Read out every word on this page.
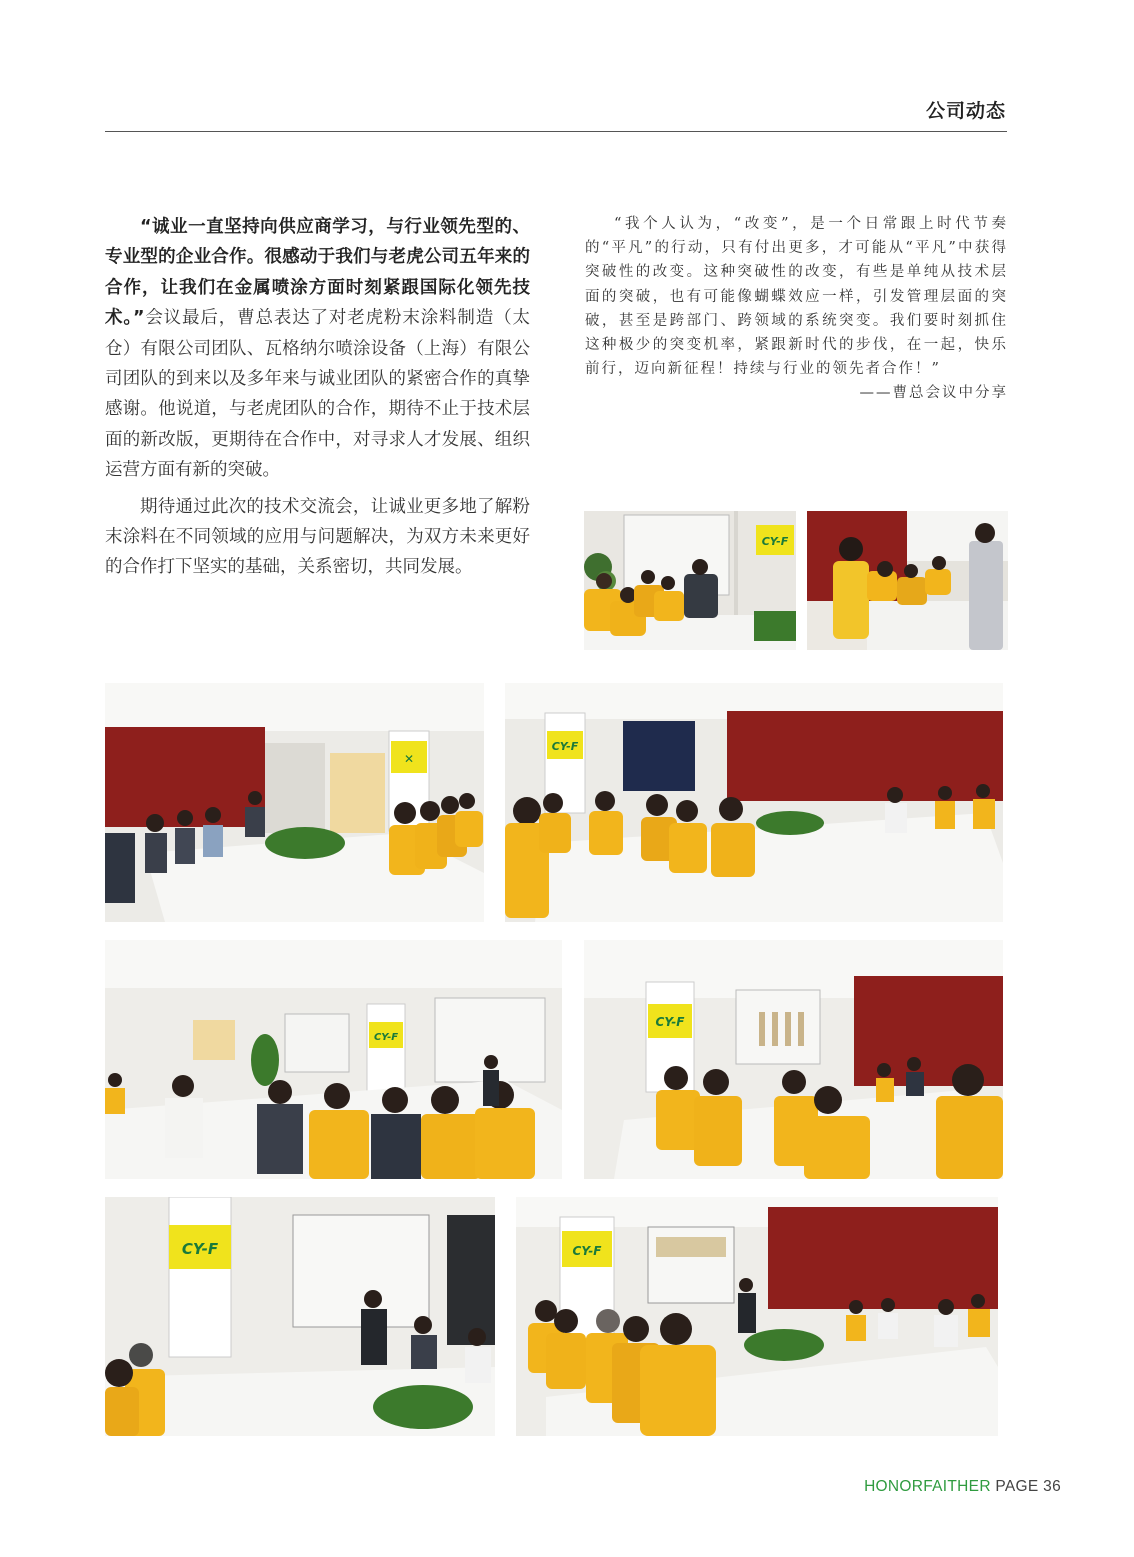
公司动态

“诚业一直坚持向供应商学习，与行业领先型的、专业型的企业合作。很感动于我们与老虎公司五年来的合作，让我们在金属喷涂方面时刻紧跟国际化领先技术。”会议最后，曹总表达了对老虎粉末涂料制造（太仓）有限公司团队、瓦格纳尔喷涂设备（上海）有限公司团队的到来以及多年来与诚业团队的紧密合作的真挚感谢。他说道，与老虎团队的合作，期待不止于技术层面的新改版，更期待在合作中，对寻求人才发展、组织运营方面有新的突破。

期待通过此次的技术交流会，让诚业更多地了解粉末涂料在不同领域的应用与问题解决，为双方未来更好的合作打下坚实的基础，关系密切，共同发展。

“我个人认为，“改变”，是一个日常跟上时代节奏的“平凡”的行动，只有付出更多，才可能从“平凡”中获得突破性的改变。这种突破性的改变，有些是单纯从技术层面的突破，也有可能像蝴蝶效应一样，引发管理层面的突破，甚至是跨部门、跨领域的系统突变。我们要时刻抓住这种极少的突变机率，紧跟新时代的步伐，在一起，快乐前行，迈向新征程！持续与行业的领先者合作！”

——曹总会议中分享

CY-F
✕
CY-F
CY-F
CY-F
CY-F	CY-F
HONORFAITHER PAGE 36
